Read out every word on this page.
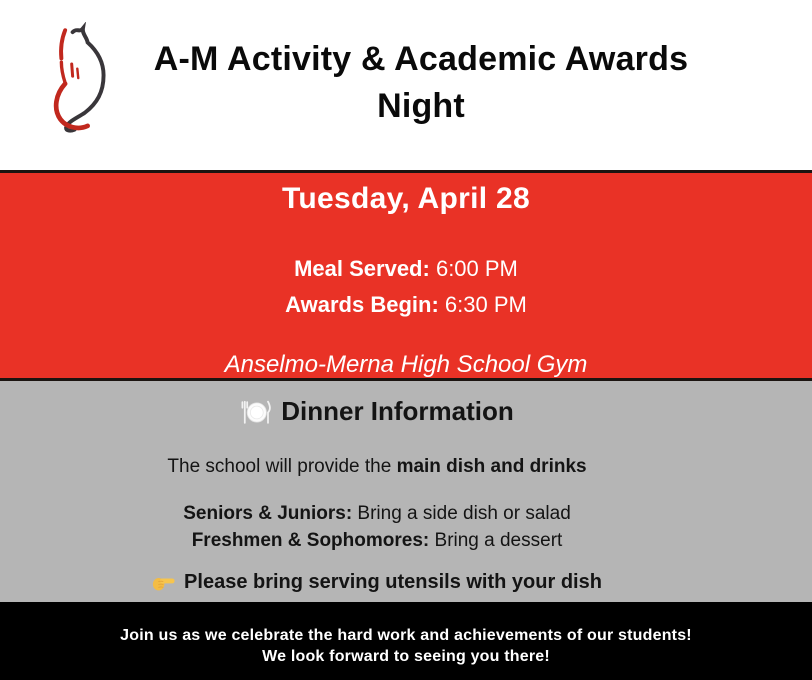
A-M Activity & Academic Awards
Night
Tuesday, April 28
Meal Served: 6:00 PM
Awards Begin: 6:30 PM
Anselmo-Merna High School Gym
Dinner Information
The school will provide the main dish and drinks
Seniors & Juniors: Bring a side dish or salad
Freshmen & Sophomores: Bring a dessert
Please bring serving utensils with your dish
Join us as we celebrate the hard work and achievements of our students!
We look forward to seeing you there!
